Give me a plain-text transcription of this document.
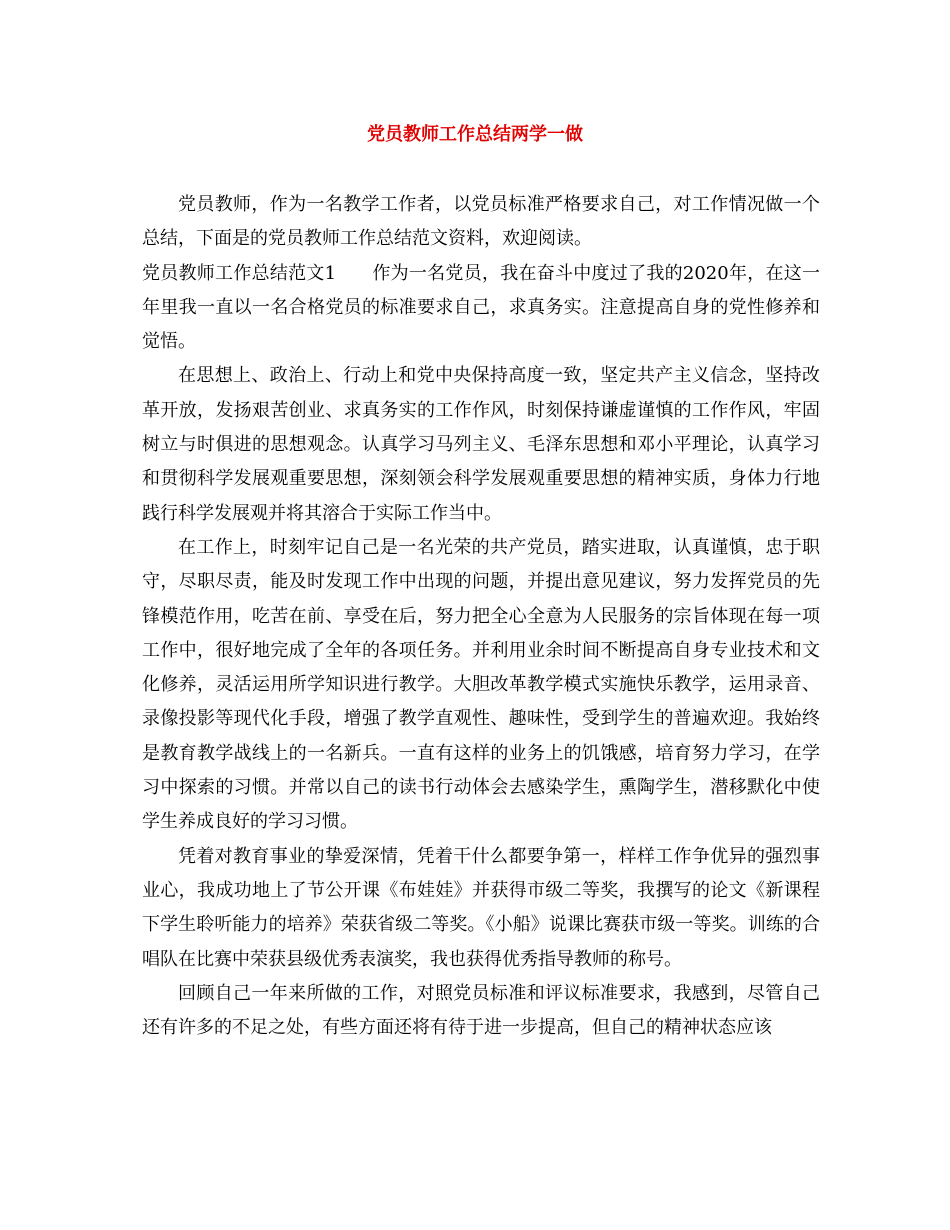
党员教师工作总结两学一做

党员教师，作为一名教学工作者，以党员标准严格要求自己，对工作情况做一个总结，下面是的党员教师工作总结范文资料，欢迎阅读。

党员教师工作总结范文1 作为一名党员，我在奋斗中度过了我的2020年，在这一年里我一直以一名合格党员的标准要求自己，求真务实。注意提高自身的党性修养和觉悟。

在思想上、政治上、行动上和党中央保持高度一致，坚定共产主义信念，坚持改革开放，发扬艰苦创业、求真务实的工作作风，时刻保持谦虚谨慎的工作作风，牢固树立与时俱进的思想观念。认真学习马列主义、毛泽东思想和邓小平理论，认真学习和贯彻科学发展观重要思想，深刻领会科学发展观重要思想的精神实质，身体力行地践行科学发展观并将其溶合于实际工作当中。

在工作上，时刻牢记自己是一名光荣的共产党员，踏实进取，认真谨慎，忠于职守，尽职尽责，能及时发现工作中出现的问题，并提出意见建议，努力发挥党员的先锋模范作用，吃苦在前、享受在后，努力把全心全意为人民服务的宗旨体现在每一项工作中，很好地完成了全年的各项任务。并利用业余时间不断提高自身专业技术和文化修养，灵活运用所学知识进行教学。大胆改革教学模式实施快乐教学，运用录音、录像投影等现代化手段，增强了教学直观性、趣味性，受到学生的普遍欢迎。我始终是教育教学战线上的一名新兵。一直有这样的业务上的饥饿感，培育努力学习，在学习中探索的习惯。并常以自己的读书行动体会去感染学生，熏陶学生，潜移默化中使学生养成良好的学习习惯。

凭着对教育事业的挚爱深情，凭着干什么都要争第一，样样工作争优异的强烈事业心，我成功地上了节公开课《布娃娃》并获得市级二等奖，我撰写的论文《新课程下学生聆听能力的培养》荣获省级二等奖。《小船》说课比赛获市级一等奖。训练的合唱队在比赛中荣获县级优秀表演奖，我也获得优秀指导教师的称号。

回顾自己一年来所做的工作，对照党员标准和评议标准要求，我感到，尽管自己还有许多的不足之处，有些方面还将有待于进一步提高，但自己的精神状态应该
